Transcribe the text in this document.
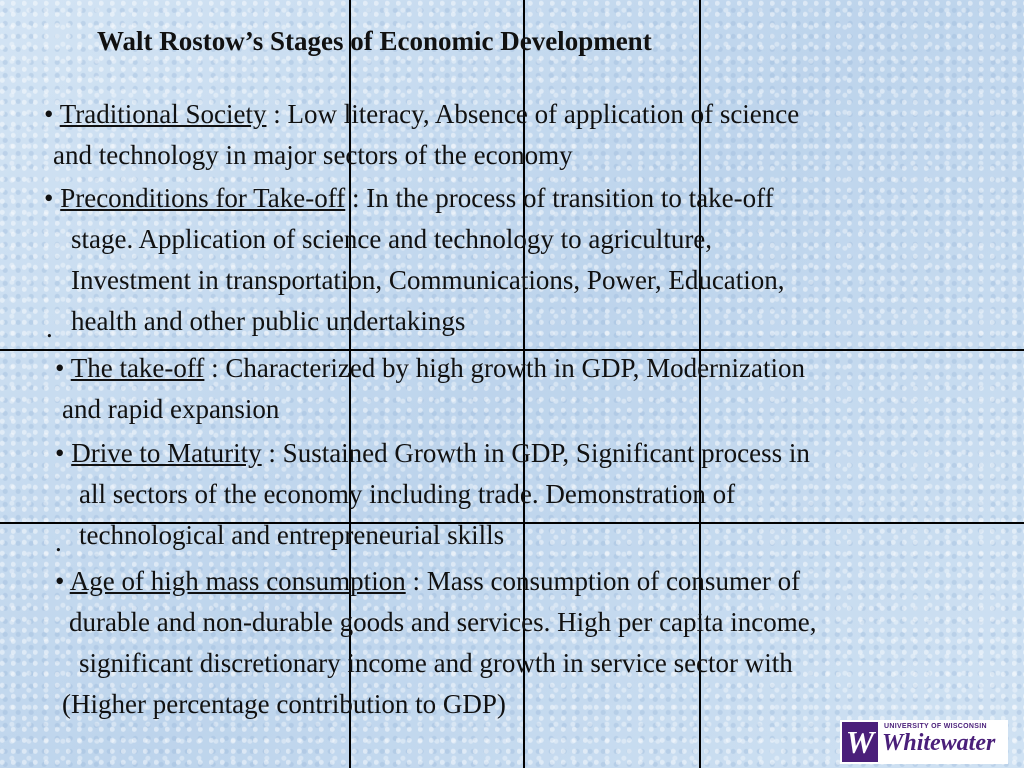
Walt Rostow’s Stages of Economic Development
• Traditional Society : Low literacy, Absence of application of science
and technology in major sectors of the economy
• Preconditions for Take-off : In the process of transition to take-off
stage. Application of science and technology to agriculture,
Investment in transportation, Communications, Power, Education,
health and other public undertakings
.
• The take-off : Characterized by high growth in GDP, Modernization
and rapid expansion
• Drive to Maturity : Sustained Growth in GDP, Significant process in
all sectors of the economy including trade. Demonstration of
technological and entrepreneurial skills
.
• Age of high mass consumption : Mass consumption of consumer of
durable and non-durable goods and services. High per capita income,
significant discretionary income and growth in service sector with
(Higher percentage contribution to GDP)
W	UNIVERSITY OF WISCONSIN
Whitewater
